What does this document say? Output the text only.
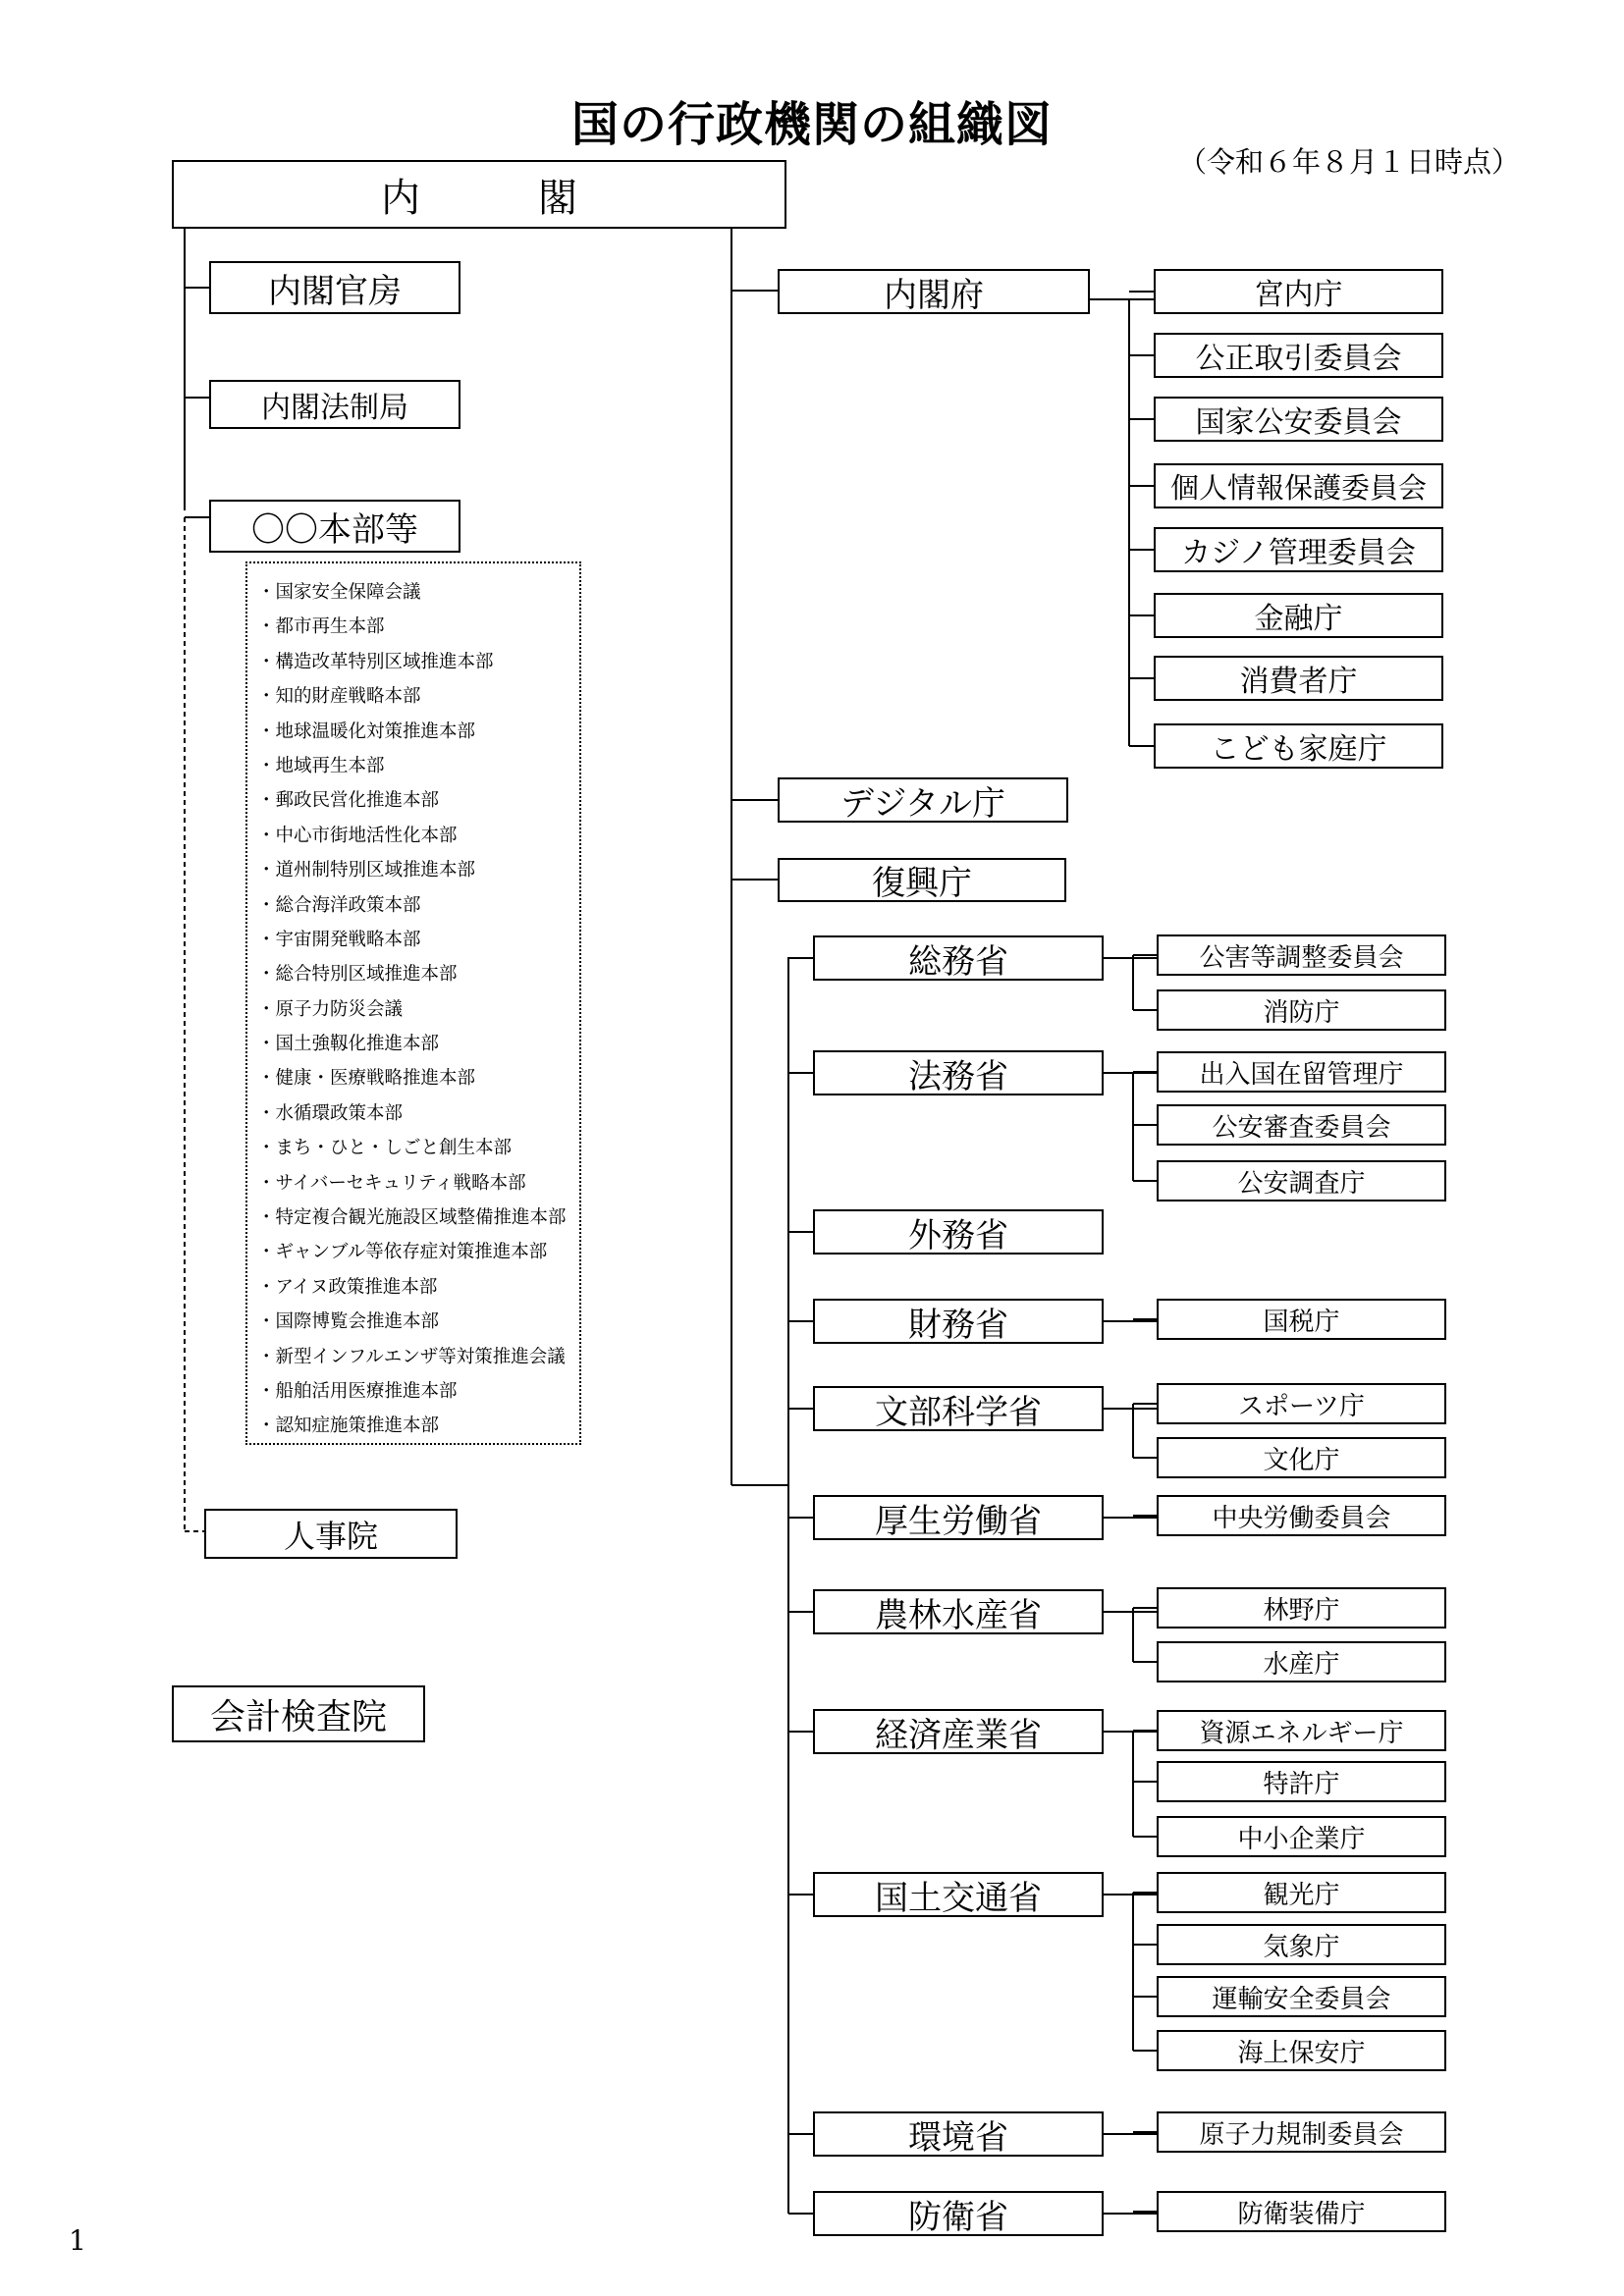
国の行政機関の組織図
（令和６年８月１日時点）
内　　　閣
内閣官房
内閣法制局
〇〇本部等
・国家安全保障会議
・都市再生本部
・構造改革特別区域推進本部
・知的財産戦略本部
・地球温暖化対策推進本部
・地域再生本部
・郵政民営化推進本部
・中心市街地活性化本部
・道州制特別区域推進本部
・総合海洋政策本部
・宇宙開発戦略本部
・総合特別区域推進本部
・原子力防災会議
・国土強靱化推進本部
・健康・医療戦略推進本部
・水循環政策本部
・まち・ひと・しごと創生本部
・サイバーセキュリティ戦略本部
・特定複合観光施設区域整備推進本部
・ギャンブル等依存症対策推進本部
・アイヌ政策推進本部
・国際博覧会推進本部
・新型インフルエンザ等対策推進会議
・船舶活用医療推進本部
・認知症施策推進本部
人事院
会計検査院
内閣府
デジタル庁
復興庁
宮内庁
公正取引委員会
国家公安委員会
個人情報保護委員会
カジノ管理委員会
金融庁
消費者庁
こども家庭庁
総務省	公害等調整委員会
消防庁
法務省	出入国在留管理庁
公安審査委員会
公安調査庁
外務省
財務省	国税庁
文部科学省	スポーツ庁
文化庁
厚生労働省	中央労働委員会
農林水産省	林野庁
水産庁
経済産業省	資源エネルギー庁
特許庁
中小企業庁
国土交通省	観光庁
気象庁
運輸安全委員会
海上保安庁
環境省	原子力規制委員会
防衛省	防衛装備庁
1
